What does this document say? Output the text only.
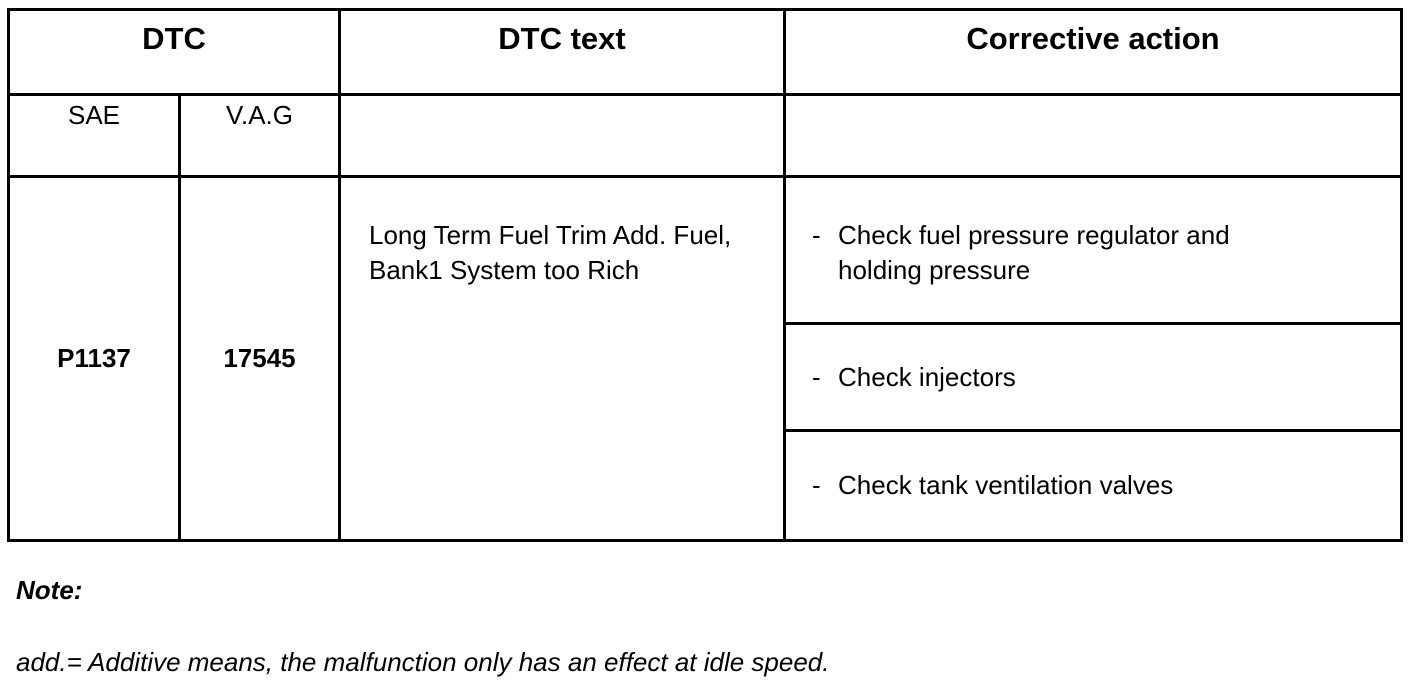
DTC		DTC text	Corrective action
SAE	V.A.G		
P1137	17545	Long Term Fuel Trim Add. Fuel, Bank1 System too Rich	- Check fuel pressure regulator and holding pressure

			- Check injectors

			- Check tank ventilation valves
Note:
add.= Additive means, the malfunction only has an effect at idle speed.
